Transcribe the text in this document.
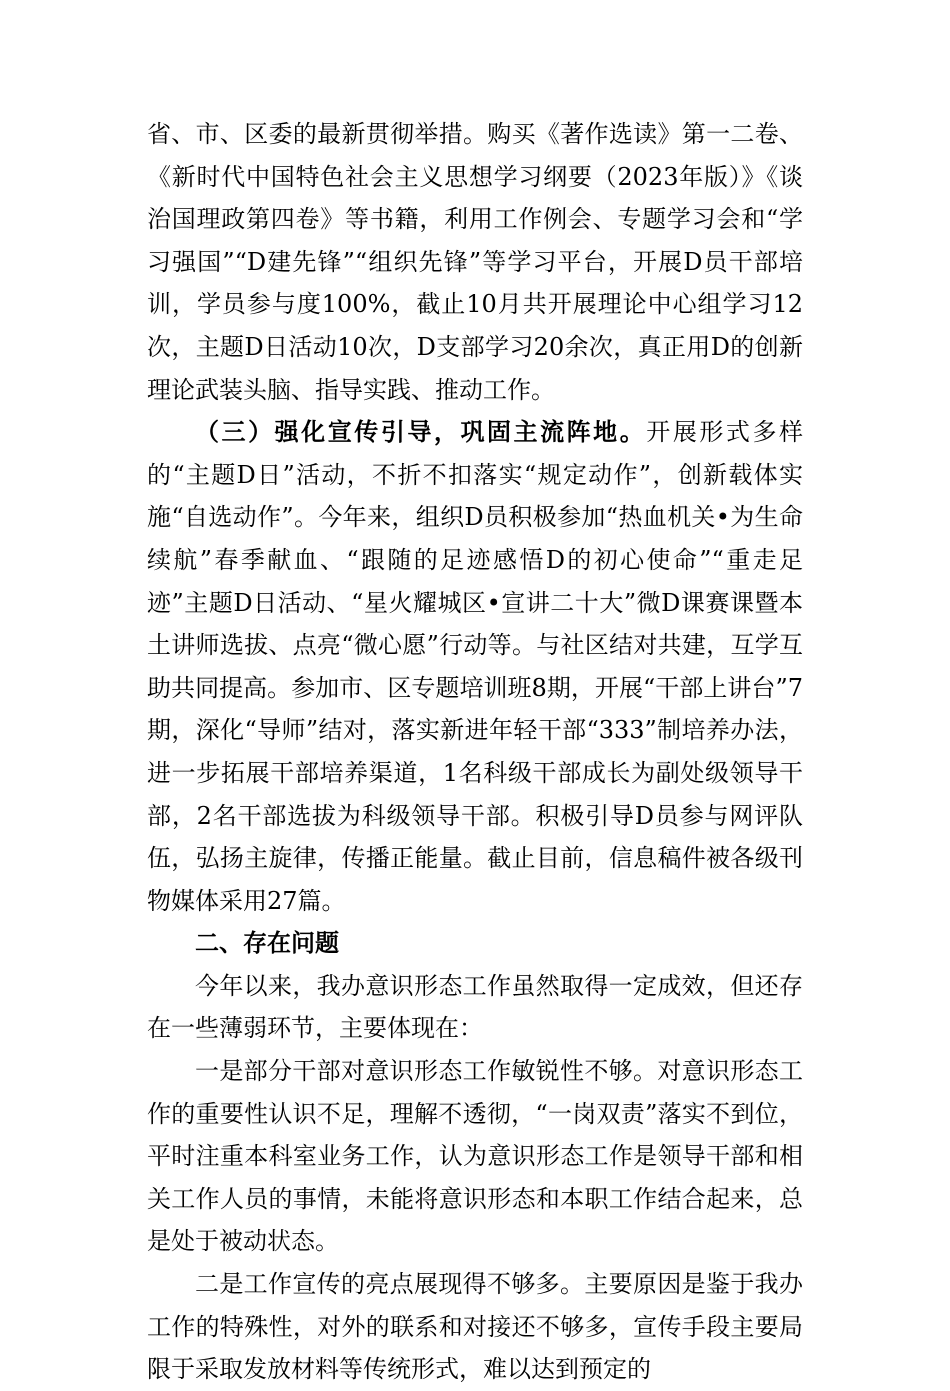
省、市、区委的最新贯彻举措。购买《著作选读》第一二卷、《新时代中国特色社会主义思想学习纲要（2023年版）》《谈治国理政第四卷》等书籍，利用工作例会、专题学习会和“学习强国”“D建先锋”“组织先锋”等学习平台，开展D员干部培训，学员参与度100%，截止10月共开展理论中心组学习12次，主题D日活动10次，D支部学习20余次，真正用D的创新理论武装头脑、指导实践、推动工作。

（三）强化宣传引导，巩固主流阵地。开展形式多样的“主题D日”活动，不折不扣落实“规定动作”，创新载体实施“自选动作”。今年来，组织D员积极参加“热血机关•为生命续航”春季献血、“跟随的足迹感悟D的初心使命”“重走足迹”主题D日活动、“星火耀城区•宣讲二十大”微D课赛课暨本土讲师选拔、点亮“微心愿”行动等。与社区结对共建，互学互助共同提高。参加市、区专题培训班8期，开展“干部上讲台”7期，深化“导师”结对，落实新进年轻干部“333”制培养办法，进一步拓展干部培养渠道，1名科级干部成长为副处级领导干部，2名干部选拔为科级领导干部。积极引导D员参与网评队伍，弘扬主旋律，传播正能量。截止目前，信息稿件被各级刊物媒体采用27篇。

二、存在问题

今年以来，我办意识形态工作虽然取得一定成效，但还存在一些薄弱环节，主要体现在：

一是部分干部对意识形态工作敏锐性不够。对意识形态工作的重要性认识不足，理解不透彻，“一岗双责”落实不到位，平时注重本科室业务工作，认为意识形态工作是领导干部和相关工作人员的事情，未能将意识形态和本职工作结合起来，总是处于被动状态。

二是工作宣传的亮点展现得不够多。主要原因是鉴于我办工作的特殊性，对外的联系和对接还不够多，宣传手段主要局限于采取发放材料等传统形式，难以达到预定的
